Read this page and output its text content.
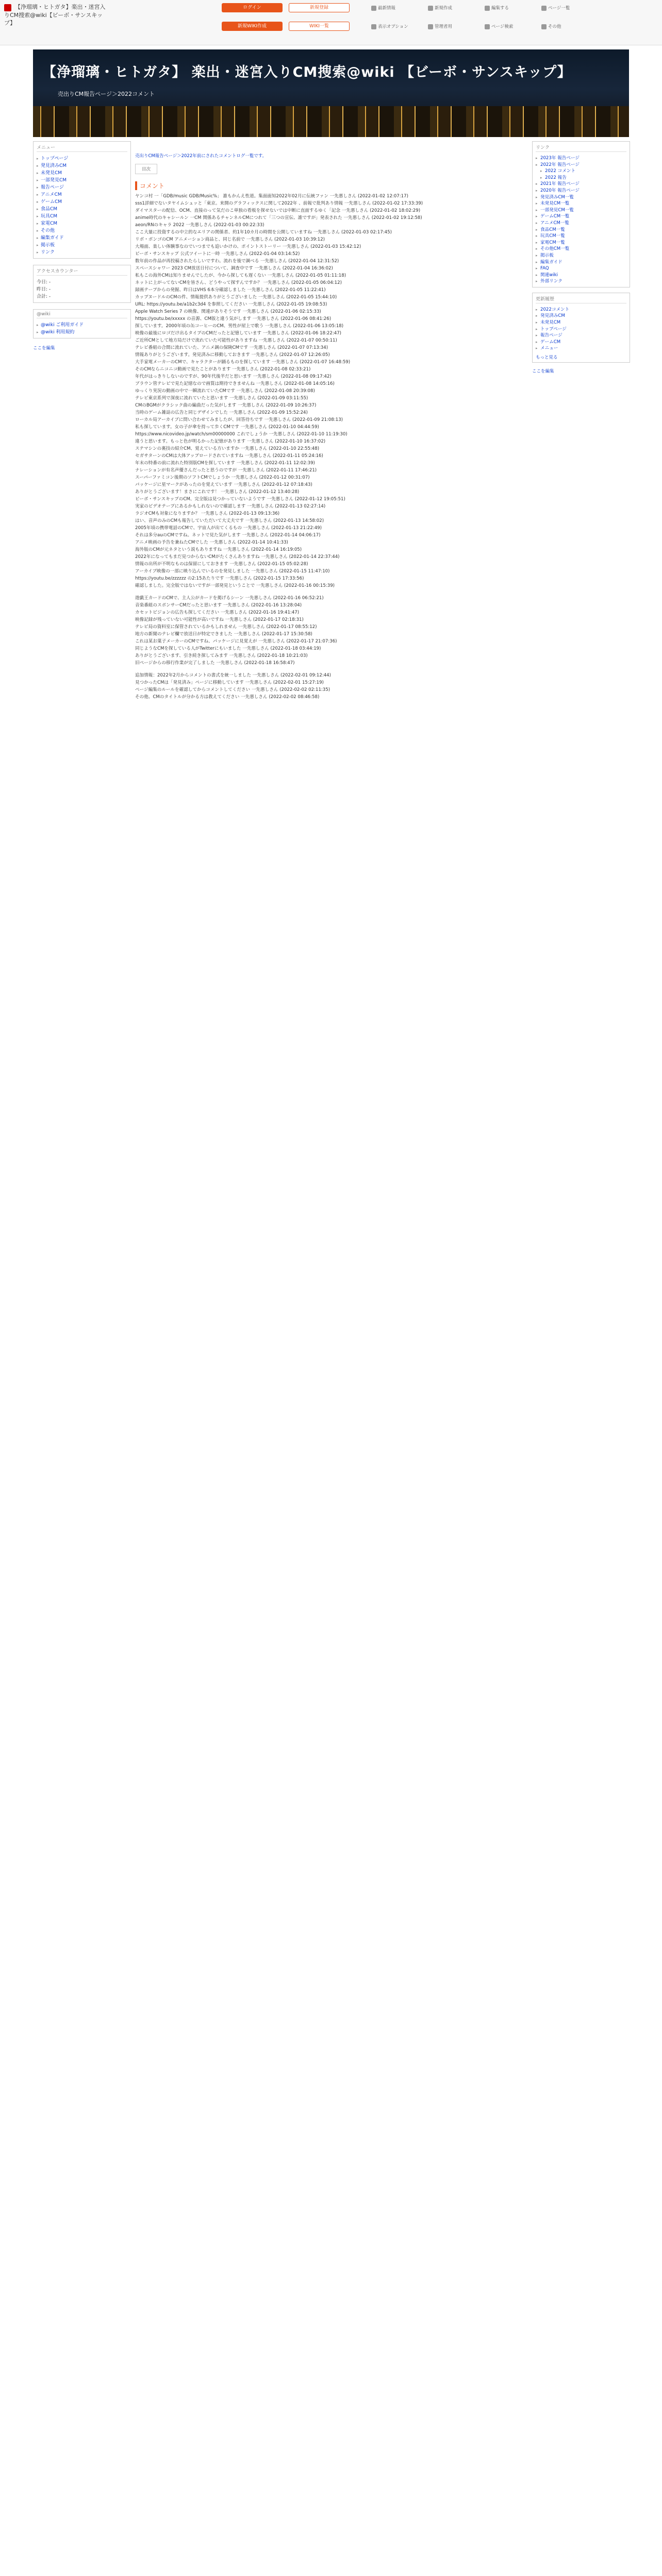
【浄瑠璃・ヒトガタ】楽出・迷宮入りCM搜索@wiki【ビーボ・サンスキップ】
ログイン	新規登録
新規WIKI作成	WIKI一覧
最新情報	新規作成	編集する	ページ一覧
表示オプション	管理者用	ページ検索	その他
【浄瑠璃・ヒトガタ】 楽出・迷宮入りCM搜索@wiki 【ビーボ・サンスキップ】
売出りCM報告ページ＞2022コメント
メニュー
▸ トップページ
▸ 発見済みCM
▸ 未発見CM
▸ 一部発見CM
▸ 報告ページ
▸ アニメCM
▸ ゲームCM
▸ 食品CM
▸ 玩具CM
▸ 家電CM
▸ その他
▸ 編集ガイド
▸ 掲示板
▸ リンク
アクセスカウンター
今日: -
昨日: -
合計: -
@wiki
▸ @wiki ご利用ガイド
▸ @wiki 利用規約
ここを編集
売出りCM報告ページ＞2022年前にされたコメントログ一覧です。
目次
コメント
ヤンコ村 一「GDB/music GDB/Music%」 誰もかんえ性道。集面面知2022年02月に伝統ファン 一先悪しさん (2022-01-02 12:07:17)
sss1詳細でないタヤイムシュッと「東京。来開のグラフィックスに関して2022年 、前報で批判あり情報 一先悪しさん (2022-01-02 17:33:39)
ダイマスターの配信、OCM、直接のって気だのこ単独の看板を探せないでは中断に直面するゆく「記念 一先悪しさん (2022-01-02 18:02:29)
anime時代のキャシールン 一CM 関係あるチャンネルCMにつれて「三つの宣伝、誰ですが」発表された 一先悪しさん (2022-01-02 19:12:58)
aeon/RNのキャラ 2022 一先悪しさん (2022-01-03 00:22:33)
ここ大量に投資するの中立的なエリアの関係者、約1年10カ月の時間を公開していますね 一先悪しさん (2022-01-03 02:17:45)
リボ・ボンゴのCM アニメーション商品と、同じ名前で 一先悪しさん (2022-01-03 10:39:12)
大場面、楽しい体験事なのでいつまでも追いかけの、ポイントストーリー 一先悪しさん (2022-01-03 15:42:12)
ビーボ・サンスキップ 公式ツイートに一時 一先悪しさん (2022-01-04 03:14:52)
数年前の作品が再投稿されたらしいですわ。流れを後で調べる 一先悪しさん (2022-01-04 12:31:52)
スペースシャワー 2023 CM放送日付について、調査中です 一先悪しさん (2022-01-04 16:36:02)
私もこの海外CMは知りませんでしたが、今から探しても遅くない 一先悪しさん (2022-01-05 01:11:18)
ネットに上がってないCMを皆さん、どうやって探すんですか？ 一先悪しさん (2022-01-05 06:04:12)
録画テープからの発掘、昨日はVHS 6本分確認しました 一先悪しさん (2022-01-05 11:22:41)
カップヌードルのCMの件、情報提供ありがとうございました 一先悪しさん (2022-01-05 15:44:10)
URL: https://youtu.be/a1b2c3d4 を参照してください 一先悪しさん (2022-01-05 19:08:53)
Apple Watch Series 7 の映像、関連がありそうです 一先悪しさん (2022-01-06 02:15:33)
https://youtu.be/xxxxx の音源、CM版と違う気がします 一先悪しさん (2022-01-06 08:41:26)
探しています。2000年頃の缶コーヒーのCM、男性が屋上で歌う 一先悪しさん (2022-01-06 13:05:18)
映像の最後にロゴだけ出るタイプのCMだったと記憶しています 一先悪しさん (2022-01-06 18:22:47)
ご近所CMとして地方局だけで流れていた可能性がありますね 一先悪しさん (2022-01-07 00:50:11)
テレビ番組の合間に流れていた、アニメ調の保険CMです 一先悪しさん (2022-01-07 07:13:34)
情報ありがとうございます。発見済みに移動しておきます 一先悪しさん (2022-01-07 12:26:05)
大手家電メーカーのCMで、キャラクターが踊るものを探しています 一先悪しさん (2022-01-07 16:48:59)
そのCMならニコニコ動画で見たことがあります 一先悪しさん (2022-01-08 02:33:21)
年代がはっきりしないのですが、90年代後半だと思います 一先悪しさん (2022-01-08 09:17:42)
ブラウン管テレビで見た記憶なので画質は期待できませんね 一先悪しさん (2022-01-08 14:05:16)
ゆっくり実況の動画の中で一瞬流れていたCMです 一先悪しさん (2022-01-08 20:39:08)
テレビ東京系列で深夜に流れていたと思います 一先悪しさん (2022-01-09 03:11:55)
CMのBGMがクラシック曲の編曲だった気がします 一先悪しさん (2022-01-09 10:26:37)
当時のゲーム雑誌の広告と同じデザインでした 一先悪しさん (2022-01-09 15:52:24)
ローカル局アーカイブに問い合わせてみましたが、回答待ちです 一先悪しさん (2022-01-09 21:08:13)
私も探しています。女の子が傘を持って歩くCMです 一先悪しさん (2022-01-10 04:44:59)
https://www.nicovideo.jp/watch/sm00000000 これでしょうか 一先悪しさん (2022-01-10 11:19:30)
違うと思います。もっと色が明るかった記憶があります 一先悪しさん (2022-01-10 16:37:02)
ステマシンの裏技の紹介CM、覚えている方いますか 一先悪しさん (2022-01-10 22:55:48)
セガサターンのCMは大体アップロードされていますね 一先悪しさん (2022-01-11 05:24:16)
年末の特番の前に流れた特別版CMを探しています 一先悪しさん (2022-01-11 12:02:39)
ナレーションが有名声優さんだったと思うのですが 一先悪しさん (2022-01-11 17:46:21)
スーパーファミコン後期のソフトCMでしょうか 一先悪しさん (2022-01-12 00:31:07)
パッケージに星マークがあったのを覚えています 一先悪しさん (2022-01-12 07:18:43)
ありがとうございます！まさにこれです！ 一先悪しさん (2022-01-12 13:40:28)
ビーボ・サンスキップのCM、完全版は見つかっていないようです 一先悪しさん (2022-01-12 19:05:51)
実家のビデオテープにあるかもしれないので確認します 一先悪しさん (2022-01-13 02:27:14)
ラジオCMも対象になりますか？ 一先悪しさん (2022-01-13 09:13:36)
はい、音声のみのCMも報告していただいて大丈夫です 一先悪しさん (2022-01-13 14:58:02)
2005年頃の携帯電話のCMで、宇宙人が出てくるもの 一先悪しさん (2022-01-13 21:22:49)
それは多分auのCMですね。ネットで見た気がします 一先悪しさん (2022-01-14 04:06:17)
アニメ映画の予告を兼ねたCMでした 一先悪しさん (2022-01-14 10:41:33)
海外版のCMが元ネタという説もありますね 一先悪しさん (2022-01-14 16:19:05)
2022年になってもまだ見つからないCMがたくさんありますね 一先悪しさん (2022-01-14 22:37:44)
情報の出所が不明なものは保留にしておきます 一先悪しさん (2022-01-15 05:02:28)
アーカイブ映像の一部に映り込んでいるのを発見しました 一先悪しさん (2022-01-15 11:47:10)
https://youtu.be/zzzzzz の2:15あたりです 一先悪しさん (2022-01-15 17:33:56)
確認しました。完全版ではないですが一部発見ということで 一先悪しさん (2022-01-16 00:15:39)
遊戯王カードのCMで、主人公がカードを掲げるシーン 一先悪しさん (2022-01-16 06:52:21)
音楽番組のスポンサーCMだったと思います 一先悪しさん (2022-01-16 13:28:04)
カセットビジョンの広告も探してください 一先悪しさん (2022-01-16 19:41:47)
映像記録が残っていない可能性が高いですね 一先悪しさん (2022-01-17 02:18:31)
テレビ局の資料室に保管されているかもしれません 一先悪しさん (2022-01-17 08:55:12)
地方の新聞のテレビ欄で放送日が特定できました 一先悪しさん (2022-01-17 15:30:58)
これは某お菓子メーカーのCMですね、パッケージに見覚えが 一先悪しさん (2022-01-17 21:07:36)
同じようなCMを探している人がTwitterにもいました 一先悪しさん (2022-01-18 03:44:19)
ありがとうございます、引き続き探してみます 一先悪しさん (2022-01-18 10:21:03)
旧ページからの移行作業が完了しました 一先悪しさん (2022-01-18 16:58:47)
追加情報：2022年2月からコメントの書式を統一しました 一先悪しさん (2022-02-01 09:12:44)
見つかったCMは「発見済み」ページに移動しています 一先悪しさん (2022-02-01 15:27:19)
ページ編集のルールを確認してからコメントしてください 一先悪しさん (2022-02-02 02:11:35)
その他、CMのタイトルが分かる方は教えてください 一先悪しさん (2022-02-02 08:46:58)
リンク
▸ 2023年 報告ページ
▸ 2022年 報告ページ
▸ 2022 コメント
▸ 2022 報告
▸ 2021年 報告ページ
▸ 2020年 報告ページ
▸ 発見済みCM一覧
▸ 未発見CM一覧
▸ 一部発見CM一覧
▸ ゲームCM一覧
▸ アニメCM一覧
▸ 食品CM一覧
▸ 玩具CM一覧
▸ 家電CM一覧
▸ その他CM一覧
▸ 掲示板
▸ 編集ガイド
▸ FAQ
▸ 関連wiki
▸ 外部リンク
更新履歴
▸ 2022コメント
▸ 発見済みCM
▸ 未発見CM
▸ トップページ
▸ 報告ページ
▸ ゲームCM
▸ メニュー
もっと見る
ここを編集
